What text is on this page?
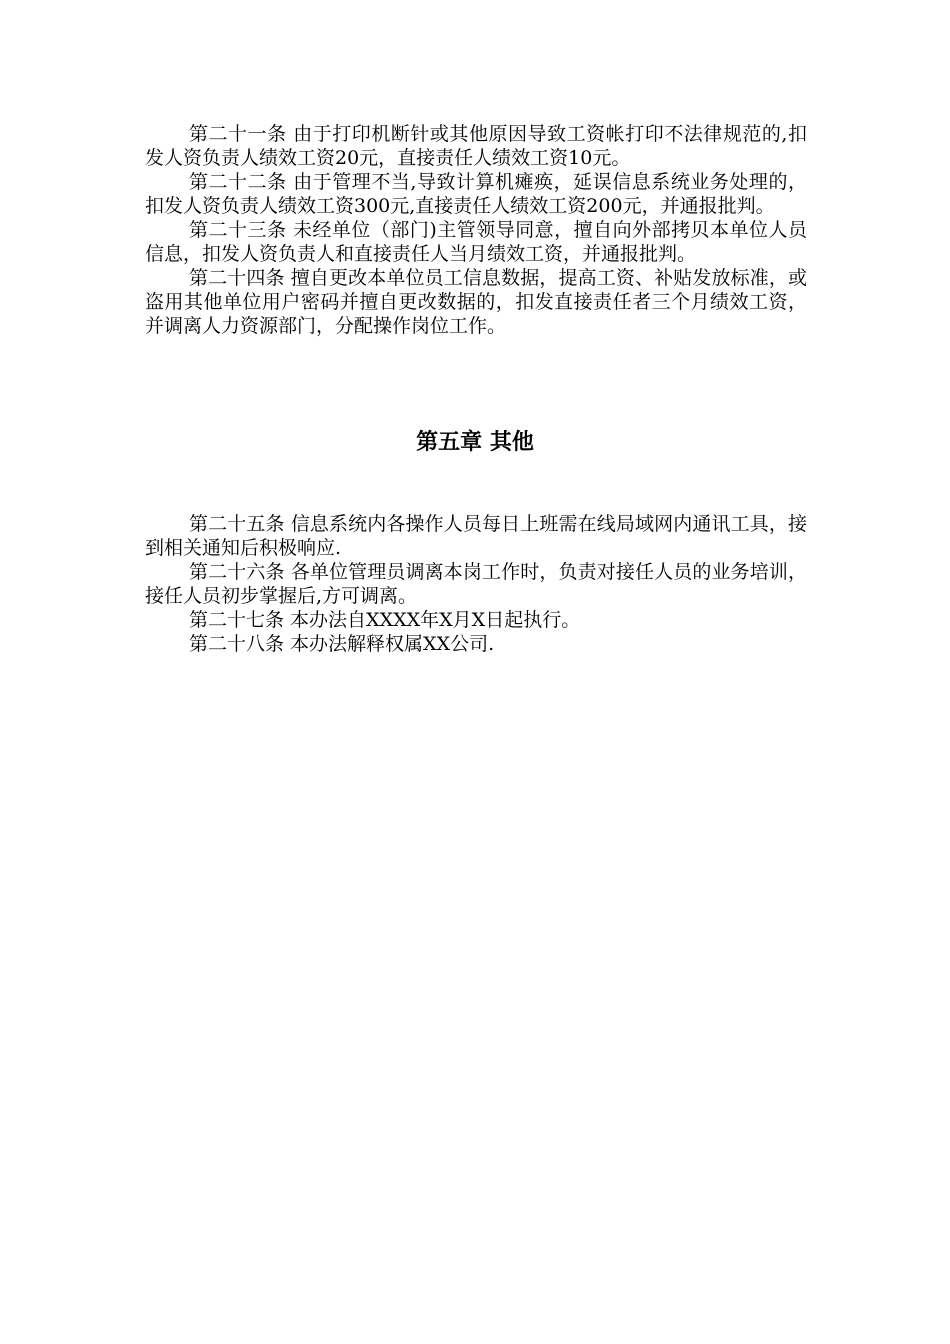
第二十一条 由于打印机断针或其他原因导致工资帐打印不法律规范的,扣发人资负责人绩效工资20元，直接责任人绩效工资10元。

第二十二条 由于管理不当,导致计算机瘫痪，延误信息系统业务处理的，扣发人资负责人绩效工资300元,直接责任人绩效工资200元，并通报批判。

第二十三条 未经单位（部门)主管领导同意，擅自向外部拷贝本单位人员信息，扣发人资负责人和直接责任人当月绩效工资，并通报批判。

第二十四条 擅自更改本单位员工信息数据，提高工资、补贴发放标准，或盗用其他单位用户密码并擅自更改数据的，扣发直接责任者三个月绩效工资，并调离人力资源部门，分配操作岗位工作。

第五章 其他

第二十五条 信息系统内各操作人员每日上班需在线局域网内通讯工具，接到相关通知后积极响应.

第二十六条 各单位管理员调离本岗工作时，负责对接任人员的业务培训，接任人员初步掌握后,方可调离。

第二十七条 本办法自XXXX年X月X日起执行。

第二十八条 本办法解释权属XX公司.
